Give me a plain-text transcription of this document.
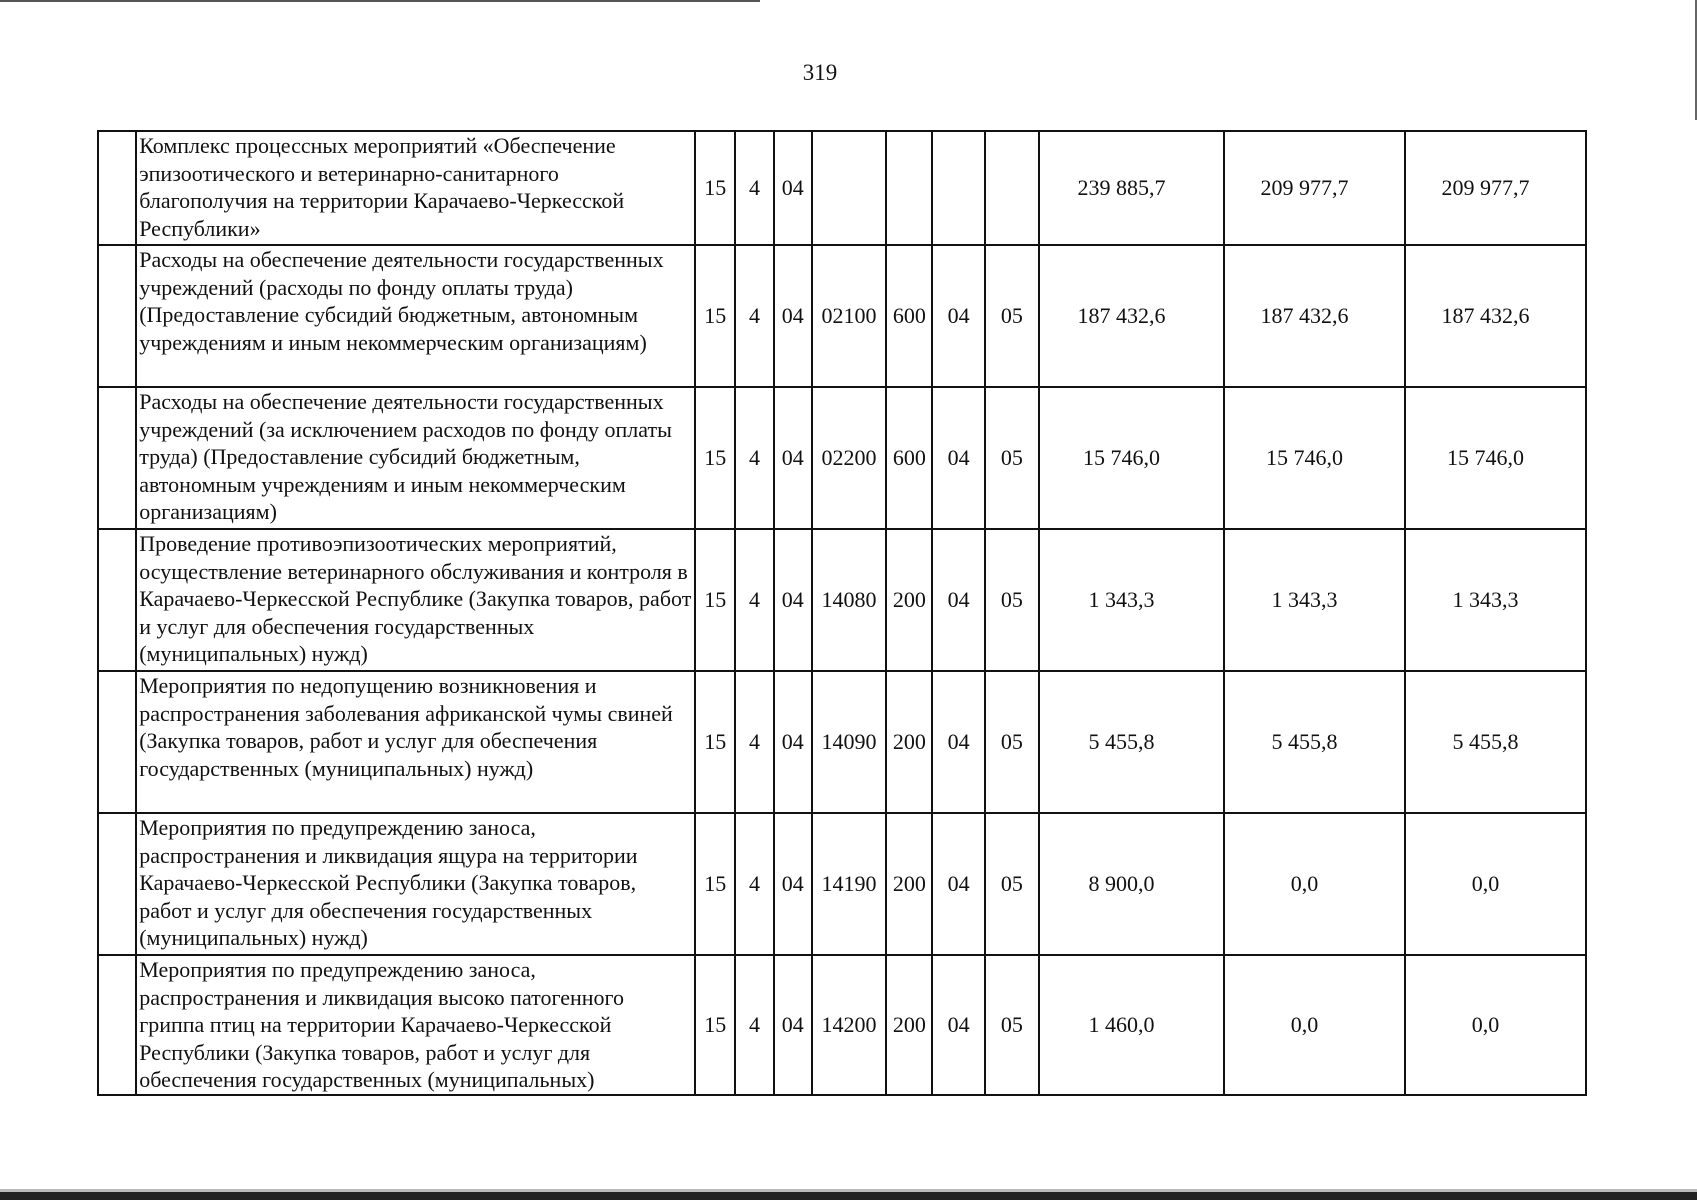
319
	Комплекс процессных мероприятий «Обеспечение эпизоотического и ветеринарно-санитарного благополучия на территории Карачаево-Черкесской Республики»	15	4	04					239 885,7	209 977,7	209 977,7
	Расходы на обеспечение деятельности государственных учреждений (расходы по фонду оплаты труда) (Предоставление субсидий бюджетным, автономным учреждениям и иным некоммерческим организациям)	15	4	04	02100	600	04	05	187 432,6	187 432,6	187 432,6
	Расходы на обеспечение деятельности государственных учреждений (за исключением расходов по фонду оплаты труда) (Предоставление субсидий бюджетным, автономным учреждениям и иным некоммерческим организациям)	15	4	04	02200	600	04	05	15 746,0	15 746,0	15 746,0
	Проведение противоэпизоотических мероприятий, осуществление ветеринарного обслуживания и контроля в Карачаево-Черкесской Республике (Закупка товаров, работ и услуг для обеспечения государственных (муниципальных) нужд)	15	4	04	14080	200	04	05	1 343,3	1 343,3	1 343,3
	Мероприятия по недопущению возникновения и распространения заболевания африканской чумы свиней (Закупка товаров, работ и услуг для обеспечения государственных (муниципальных) нужд)	15	4	04	14090	200	04	05	5 455,8	5 455,8	5 455,8
	Мероприятия по предупреждению заноса, распространения и ликвидация ящура на территории Карачаево-Черкесской Республики (Закупка товаров, работ и услуг для обеспечения государственных (муниципальных) нужд)	15	4	04	14190	200	04	05	8 900,0	0,0	0,0
	Мероприятия по предупреждению заноса, распространения и ликвидация высоко патогенного гриппа птиц на территории Карачаево-Черкесской Республики (Закупка товаров, работ и услуг для обеспечения государственных (муниципальных)	15	4	04	14200	200	04	05	1 460,0	0,0	0,0
